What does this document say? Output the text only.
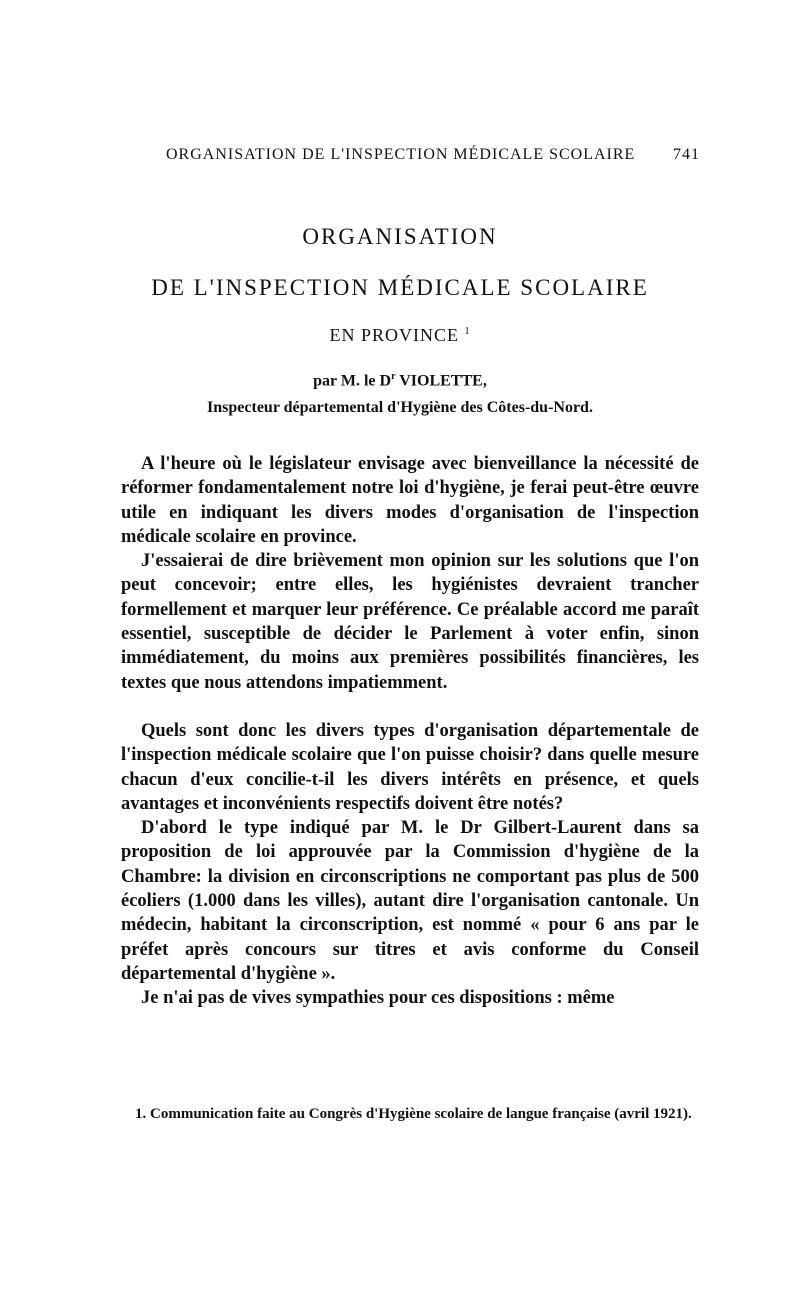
ORGANISATION DE L'INSPECTION MÉDICALE SCOLAIRE 741
ORGANISATION
DE L'INSPECTION MÉDICALE SCOLAIRE
EN PROVINCE $^1$
par M. le $D^r$ VIOLETTE,
Inspecteur départemental d'Hygiène des Côtes-du-Nord.

A l'heure où le législateur envisage avec bienveillance la nécessité de réformer fondamentalement notre loi d'hygiène, je ferai peut-être œuvre utile en indiquant les divers modes d'organisation de l'inspection médicale scolaire en province.

J'essaierai de dire brièvement mon opinion sur les solutions que l'on peut concevoir; entre elles, les hygiénistes devraient trancher formellement et marquer leur préférence. Ce préalable accord me paraît essentiel, susceptible de décider le Parlement à voter enfin, sinon immédiatement, du moins aux premières possibilités financières, les textes que nous attendons impatiemment.

Quels sont donc les divers types d'organisation départementale de l'inspection médicale scolaire que l'on puisse choisir? dans quelle mesure chacun d'eux concilie-t-il les divers intérêts en présence, et quels avantages et inconvénients respectifs doivent être notés?

D'abord le type indiqué par M. le Dr Gilbert-Laurent dans sa proposition de loi approuvée par la Commission d'hygiène de la Chambre: la division en circonscriptions ne comportant pas plus de 500 écoliers (1.000 dans les villes), autant dire l'organisation cantonale. Un médecin, habitant la circonscription, est nommé « pour 6 ans par le préfet après concours sur titres et avis conforme du Conseil départemental d'hygiène ».

Je n'ai pas de vives sympathies pour ces dispositions : même

1. Communication faite au Congrès d'Hygiène scolaire de langue française (avril 1921).
